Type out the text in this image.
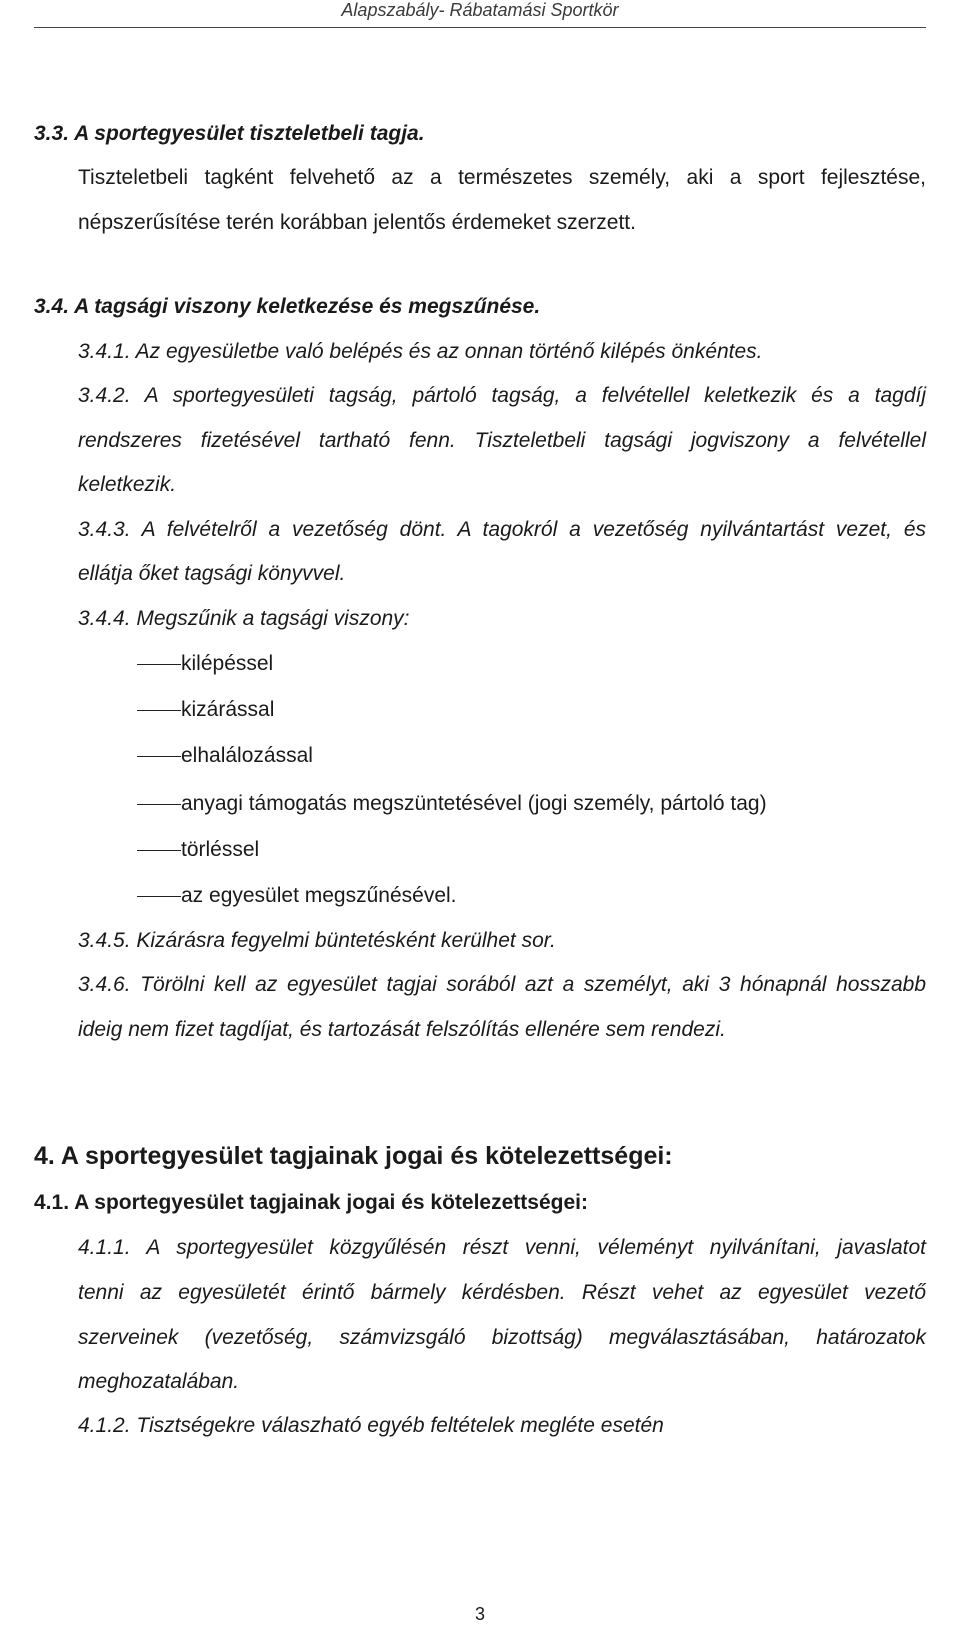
Alapszabály- Rábatamási Sportkör
3.3. A sportegyesület tiszteletbeli tagja.
Tiszteletbeli tagként felvehető az a természetes személy, aki a sport fejlesztése,
népszerűsítése terén korábban jelentős érdemeket szerzett.
3.4. A tagsági viszony keletkezése és megszűnése.
3.4.1. Az egyesületbe való belépés és az onnan történő kilépés önkéntes.
3.4.2. A sportegyesületi tagság, pártoló tagság, a felvétellel keletkezik és a tagdíj
rendszeres fizetésével tartható fenn. Tiszteletbeli tagsági jogviszony a felvétellel
keletkezik.
3.4.3. A felvételről a vezetőség dönt. A tagokról a vezetőség nyilvántartást vezet, és
ellátja őket tagsági könyvvel.
3.4.4. Megszűnik a tagsági viszony:
kilépéssel
kizárással
elhalálozással
anyagi támogatás megszüntetésével (jogi személy, pártoló tag)
törléssel
az egyesület megszűnésével.
3.4.5. Kizárásra fegyelmi büntetésként kerülhet sor.
3.4.6. Törölni kell az egyesület tagjai sorából azt a személyt, aki 3 hónapnál hosszabb
ideig nem fizet tagdíjat, és tartozását felszólítás ellenére sem rendezi.
4. A sportegyesület tagjainak jogai és kötelezettségei:
4.1. A sportegyesület tagjainak jogai és kötelezettségei:
4.1.1. A sportegyesület közgyűlésén részt venni, véleményt nyilvánítani, javaslatot
tenni az egyesületét érintő bármely kérdésben. Részt vehet az egyesület vezető
szerveinek (vezetőség, számvizsgáló bizottság) megválasztásában, határozatok
meghozatalában.
4.1.2. Tisztségekre válaszható egyéb feltételek megléte esetén
3
